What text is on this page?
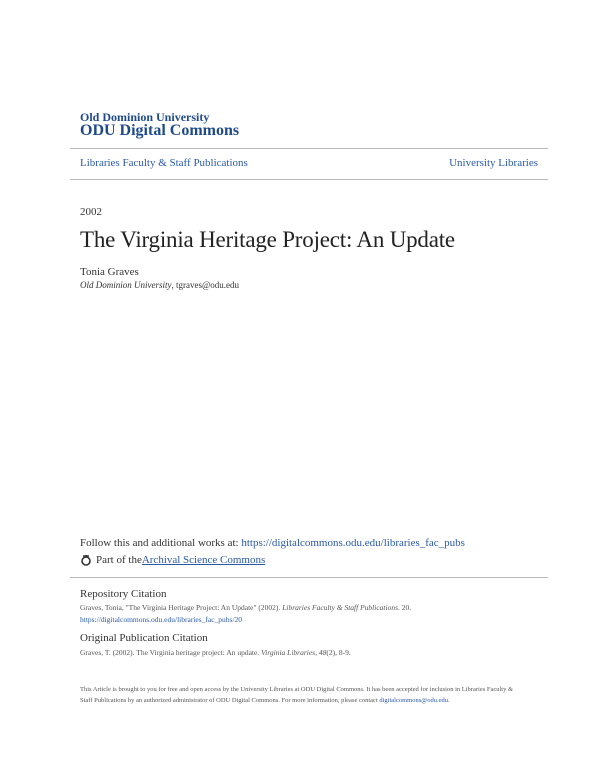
Old Dominion University
ODU Digital Commons
Libraries Faculty & Staff Publications	University Libraries
2002
The Virginia Heritage Project: An Update
Tonia Graves
Old Dominion University, tgraves@odu.edu
Follow this and additional works at: https://digitalcommons.odu.edu/libraries_fac_pubs
Part of the Archival Science Commons
Repository Citation
Graves, Tonia, "The Virginia Heritage Project: An Update" (2002). Libraries Faculty & Staff Publications. 20.
https://digitalcommons.odu.edu/libraries_fac_pubs/20
Original Publication Citation
Graves, T. (2002). The Virginia heritage project: An update. Virginia Libraries, 48(2), 8-9.
This Article is brought to you for free and open access by the University Libraries at ODU Digital Commons. It has been accepted for inclusion in Libraries Faculty & Staff Publications by an authorized administrator of ODU Digital Commons. For more information, please contact digitalcommons@odu.edu.
